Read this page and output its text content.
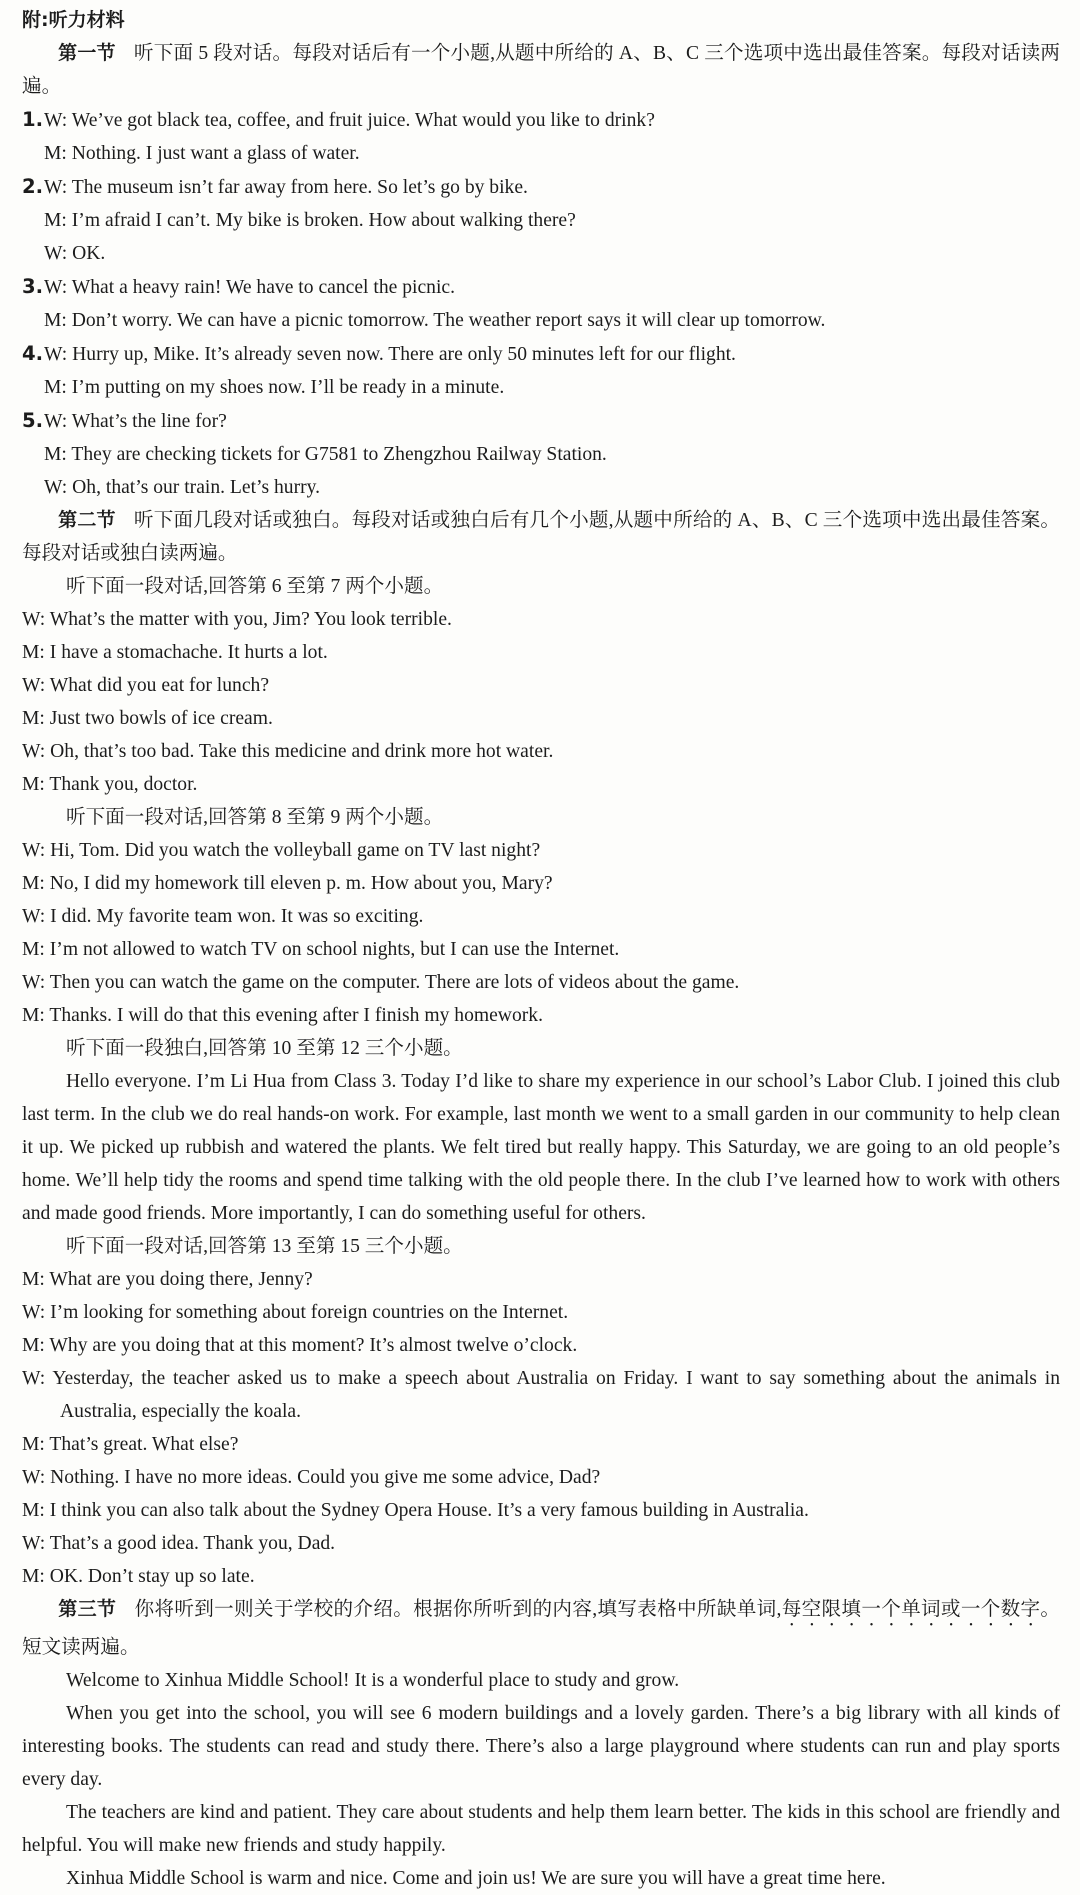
附:听力材料
第一节 听下面 5 段对话。每段对话后有一个小题,从题中所给的 A、B、C 三个选项中选出最佳答案。每段对话读两遍。
1.W: We’ve got black tea, coffee, and fruit juice. What would you like to drink?
M: Nothing. I just want a glass of water.
2.W: The museum isn’t far away from here. So let’s go by bike.
M: I’m afraid I can’t. My bike is broken. How about walking there?
W: OK.
3.W: What a heavy rain! We have to cancel the picnic.
M: Don’t worry. We can have a picnic tomorrow. The weather report says it will clear up tomorrow.
4.W: Hurry up, Mike. It’s already seven now. There are only 50 minutes left for our flight.
M: I’m putting on my shoes now. I’ll be ready in a minute.
5.W: What’s the line for?
M: They are checking tickets for G7581 to Zhengzhou Railway Station.
W: Oh, that’s our train. Let’s hurry.
第二节 听下面几段对话或独白。每段对话或独白后有几个小题,从题中所给的 A、B、C 三个选项中选出最佳答案。每段对话或独白读两遍。
听下面一段对话,回答第 6 至第 7 两个小题。
W: What’s the matter with you, Jim? You look terrible.
M: I have a stomachache. It hurts a lot.
W: What did you eat for lunch?
M: Just two bowls of ice cream.
W: Oh, that’s too bad. Take this medicine and drink more hot water.
M: Thank you, doctor.
听下面一段对话,回答第 8 至第 9 两个小题。
W: Hi, Tom. Did you watch the volleyball game on TV last night?
M: No, I did my homework till eleven p. m. How about you, Mary?
W: I did. My favorite team won. It was so exciting.
M: I’m not allowed to watch TV on school nights, but I can use the Internet.
W: Then you can watch the game on the computer. There are lots of videos about the game.
M: Thanks. I will do that this evening after I finish my homework.
听下面一段独白,回答第 10 至第 12 三个小题。
Hello everyone. I’m Li Hua from Class 3. Today I’d like to share my experience in our school’s Labor Club. I joined this club last term. In the club we do real hands-on work. For example, last month we went to a small garden in our community to help clean it up. We picked up rubbish and watered the plants. We felt tired but really happy. This Saturday, we are going to an old people’s home. We’ll help tidy the rooms and spend time talking with the old people there. In the club I’ve learned how to work with others and made good friends. More importantly, I can do something useful for others.
听下面一段对话,回答第 13 至第 15 三个小题。
M: What are you doing there, Jenny?
W: I’m looking for something about foreign countries on the Internet.
M: Why are you doing that at this moment? It’s almost twelve o’clock.
W: Yesterday, the teacher asked us to make a speech about Australia on Friday. I want to say something about the animals in Australia, especially the koala.
M: That’s great. What else?
W: Nothing. I have no more ideas. Could you give me some advice, Dad?
M: I think you can also talk about the Sydney Opera House. It’s a very famous building in Australia.
W: That’s a good idea. Thank you, Dad.
M: OK. Don’t stay up so late.
第三节 你将听到一则关于学校的介绍。根据你所听到的内容,填写表格中所缺单词,每空限填一个单词或一个数字。短文读两遍。
Welcome to Xinhua Middle School! It is a wonderful place to study and grow.
When you get into the school, you will see 6 modern buildings and a lovely garden. There’s a big library with all kinds of interesting books. The students can read and study there. There’s also a large playground where students can run and play sports every day.
The teachers are kind and patient. They care about students and help them learn better. The kids in this school are friendly and helpful. You will make new friends and study happily.
Xinhua Middle School is warm and nice. Come and join us! We are sure you will have a great time here.
